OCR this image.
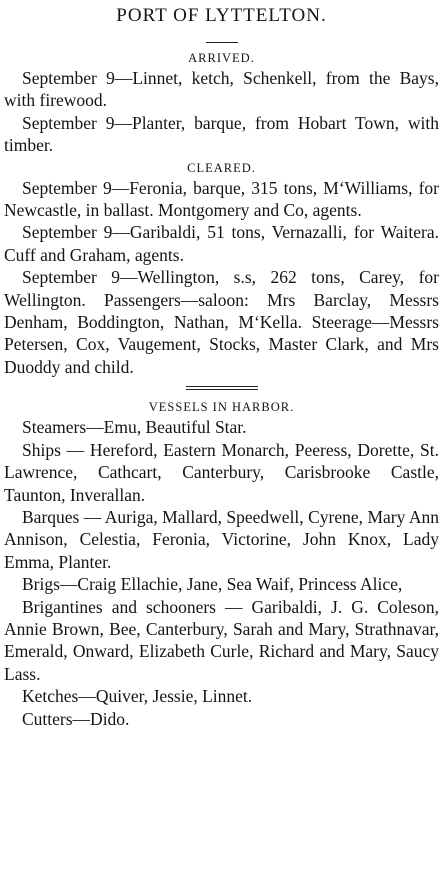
PORT OF LYTTELTON.
ARRIVED.

September 9—Linnet, ketch, Schenkell, from the Bays, with firewood.

September 9—Planter, barque, from Hobart Town, with timber.

CLEARED.

September 9—Feronia, barque, 315 tons, M‘Williams, for Newcastle, in ballast. Montgomery and Co, agents.

September 9—Garibaldi, 51 tons, Vernazalli, for Waitera. Cuff and Graham, agents.

September 9—Wellington, s.s, 262 tons, Carey, for Wellington. Passengers—saloon: Mrs Barclay, Messrs Denham, Boddington, Nathan, M‘Kella. Steerage—Messrs Petersen, Cox, Vaugement, Stocks, Master Clark, and Mrs Duoddy and child.

VESSELS IN HARBOR.

Steamers—Emu, Beautiful Star.

Ships — Hereford, Eastern Monarch, Peeress, Dorette, St. Lawrence, Cathcart, Canterbury, Carisbrooke Castle, Taunton, Inverallan.

Barques — Auriga, Mallard, Speedwell, Cyrene, Mary Ann Annison, Celestia, Feronia, Victorine, John Knox, Lady Emma, Planter.

Brigs—Craig Ellachie, Jane, Sea Waif, Princess Alice,

Brigantines and schooners — Garibaldi, J. G. Coleson, Annie Brown, Bee, Canterbury, Sarah and Mary, Strathnavar, Emerald, Onward, Elizabeth Curle, Richard and Mary, Saucy Lass.

Ketches—Quiver, Jessie, Linnet.

Cutters—Dido.
